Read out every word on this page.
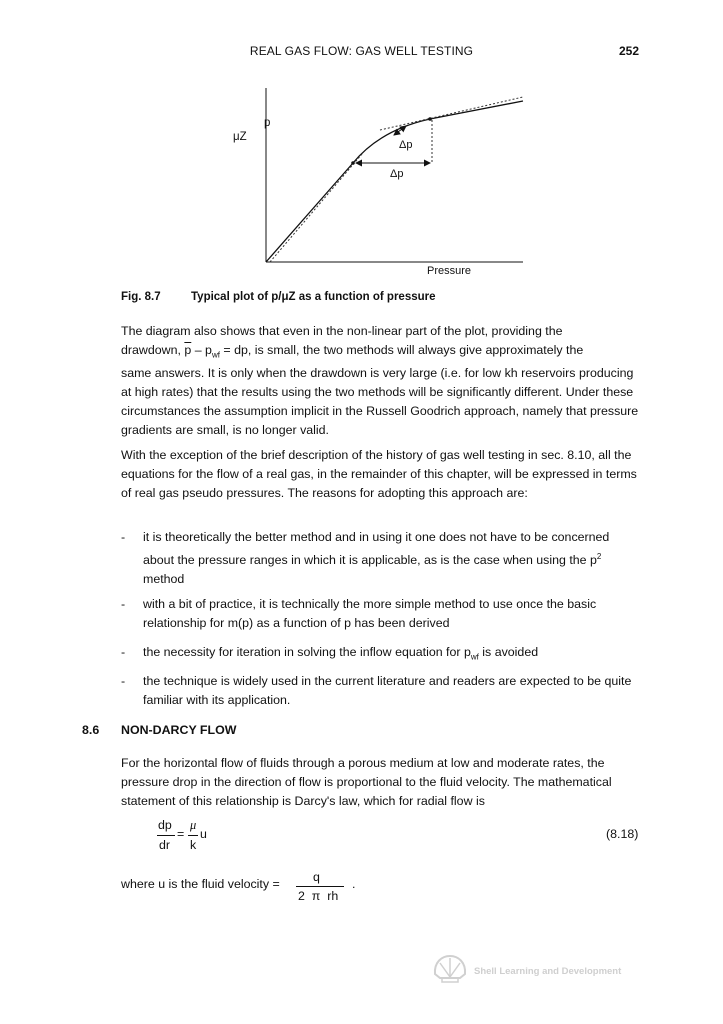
REAL GAS FLOW: GAS WELL TESTING	252
p
μZ
Δp
Δp
Pressure
Fig. 8.7	Typical plot of p/μZ as a function of pressure
The diagram also shows that even in the non-linear part of the plot, providing the
drawdown, $\overline{p} - p_{wf}$ = dp, is small, the two methods will always give approximately the
same answers. It is only when the drawdown is very large (i.e. for low kh reservoirs producing at high rates) that the results using the two methods will be significantly different. Under these circumstances the assumption implicit in the Russell Goodrich approach, namely that pressure gradients are small, is no longer valid.
With the exception of the brief description of the history of gas well testing in sec. 8.10, all the equations for the flow of a real gas, in the remainder of this chapter, will be expressed in terms of real gas pseudo pressures. The reasons for adopting this approach are:
- it is theoretically the better method and in using it one does not have to be concerned about the pressure ranges in which it is applicable, as is the case when using the $p^2$ method
- with a bit of practice, it is technically the more simple method to use once the basic relationship for m(p) as a function of p has been derived
- the necessity for iteration in solving the inflow equation for $p_{wf}$ is avoided
- the technique is widely used in the current literature and readers are expected to be quite familiar with its application.
8.6 NON-DARCY FLOW
For the horizontal flow of fluids through a porous medium at low and moderate rates, the pressure drop in the direction of flow is proportional to the fluid velocity. The mathematical statement of this relationship is Darcy's law, which for radial flow is
dp
dr
=
μ
k
u	(8.18)
where u is the fluid velocity =	q
2  π  rh
.
Shell Learning and Development
